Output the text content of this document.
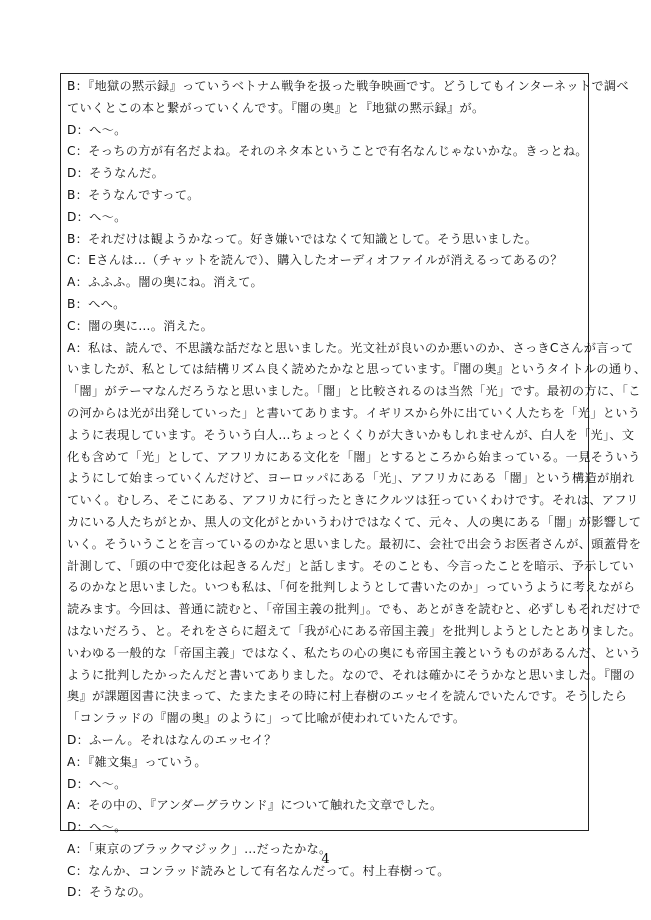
B：『地獄の黙示録』っていうベトナム戦争を扱った戦争映画です。どうしてもインターネットで調べ
ていくとこの本と繋がっていくんです。『闇の奥』と『地獄の黙示録』が。
D：へ～。
C：そっちの方が有名だよね。それのネタ本ということで有名なんじゃないかな。きっとね。
D：そうなんだ。
B：そうなんですって。
D：へ～。
B：それだけは観ようかなって。好き嫌いではなくて知識として。そう思いました。
C：Eさんは…（チャットを読んで）、購入したオーディオファイルが消えるってあるの？
A：ふふふ。闇の奥にね。消えて。
B：へへ。
C：闇の奥に…。消えた。
A：私は、読んで、不思議な話だなと思いました。光文社が良いのか悪いのか、さっきCさんが言って
いましたが、私としては結構リズム良く読めたかなと思っています。『闇の奥』というタイトルの通り、
「闇」がテーマなんだろうなと思いました。「闇」と比較されるのは当然「光」です。最初の方に、「こ
の河からは光が出発していった」と書いてあります。イギリスから外に出ていく人たちを「光」という
ように表現しています。そういう白人…ちょっとくくりが大きいかもしれませんが、白人を「光」、文
化も含めて「光」として、アフリカにある文化を「闇」とするところから始まっている。一見そういう
ようにして始まっていくんだけど、ヨーロッパにある「光」、アフリカにある「闇」という構造が崩れ
ていく。むしろ、そこにある、アフリカに行ったときにクルツは狂っていくわけです。それは、アフリ
カにいる人たちがとか、黒人の文化がとかいうわけではなくて、元々、人の奥にある「闇」が影響して
いく。そういうことを言っているのかなと思いました。最初に、会社で出会うお医者さんが、頭蓋骨を
計測して、「頭の中で変化は起きるんだ」と話します。そのことも、今言ったことを暗示、予示してい
るのかなと思いました。いつも私は、「何を批判しようとして書いたのか」っていうように考えながら
読みます。今回は、普通に読むと、「帝国主義の批判」。でも、あとがきを読むと、必ずしもそれだけで
はないだろう、と。それをさらに超えて「我が心にある帝国主義」を批判しようとしたとありました。
いわゆる一般的な「帝国主義」ではなく、私たちの心の奥にも帝国主義というものがあるんだ、という
ように批判したかったんだと書いてありました。なので、それは確かにそうかなと思いました。『闇の
奥』が課題図書に決まって、たまたまその時に村上春樹のエッセイを読んでいたんです。そうしたら
「コンラッドの『闇の奥』のように」って比喩が使われていたんです。
D：ふーん。それはなんのエッセイ？
A：『雑文集』っていう。
D：へ～。
A：その中の、『アンダーグラウンド』について触れた文章でした。
D：へ～。
A：「東京のブラックマジック」…だったかな。
C：なんか、コンラッド読みとして有名なんだって。村上春樹って。
D：そうなの。
4
